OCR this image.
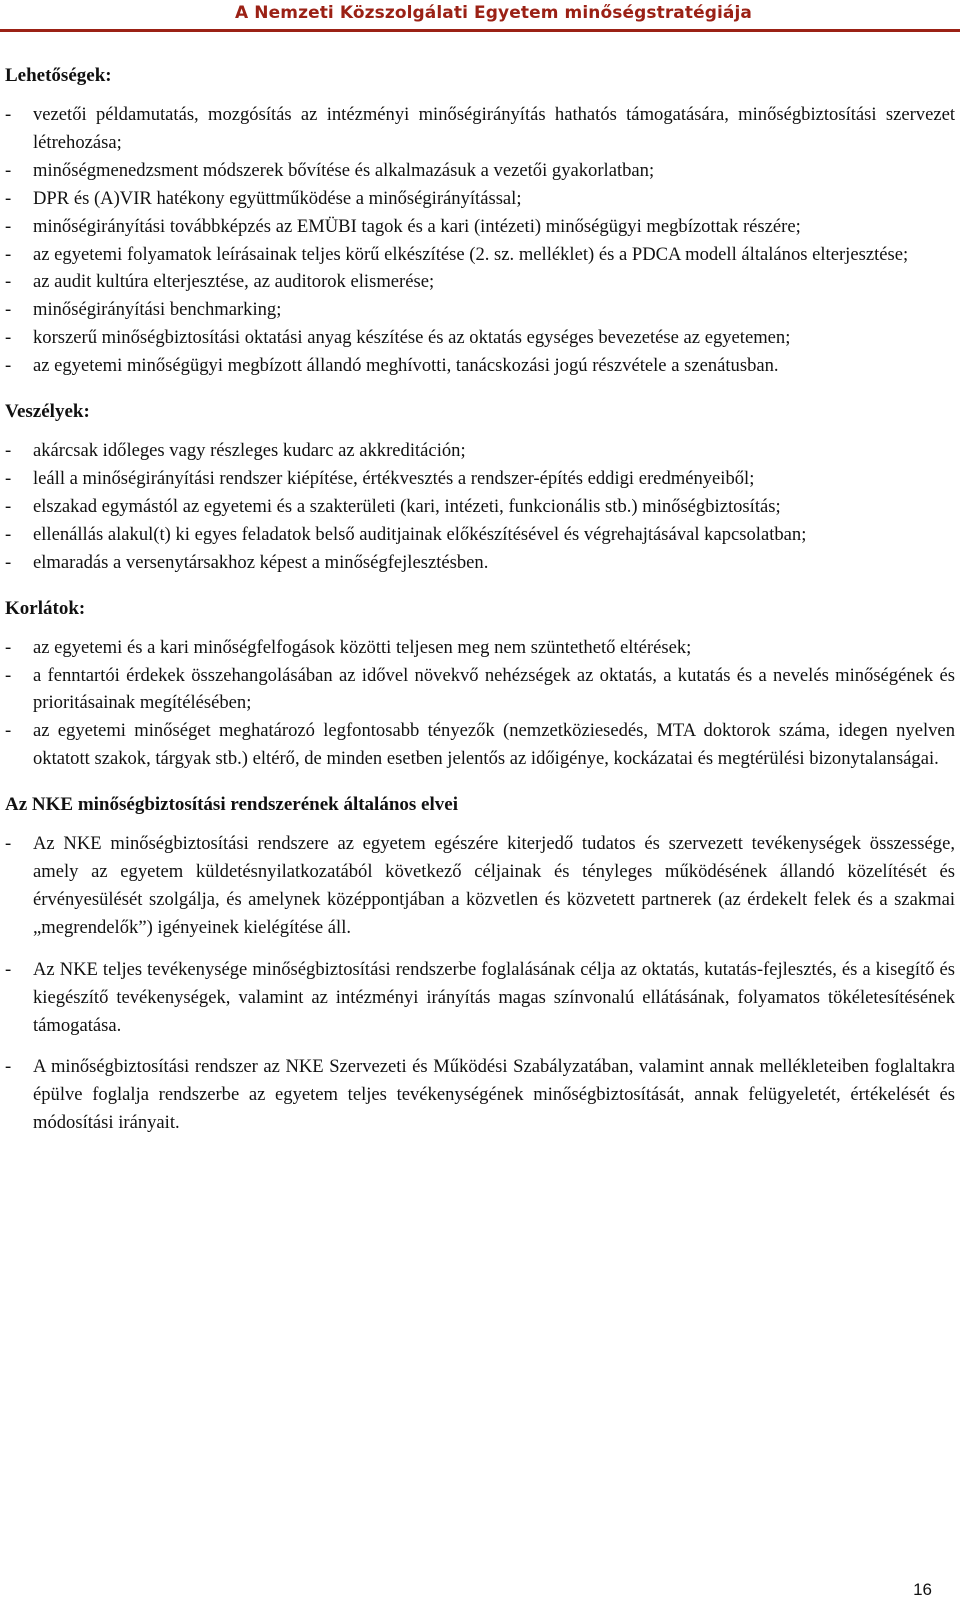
A Nemzeti Közszolgálati Egyetem minőségstratégiája
Lehetőségek:
- vezetői példamutatás, mozgósítás az intézményi minőségirányítás hathatós támogatására, minőségbiztosítási szervezet létrehozása;
- minőségmenedzsment módszerek bővítése és alkalmazásuk a vezetői gyakorlatban;
- DPR és (A)VIR hatékony együttműködése a minőségirányítással;
- minőségirányítási továbbképzés az EMÜBI tagok és a kari (intézeti) minőségügyi megbízottak részére;
- az egyetemi folyamatok leírásainak teljes körű elkészítése (2. sz. melléklet) és a PDCA modell általános elterjesztése;
- az audit kultúra elterjesztése, az auditorok elismerése;
- minőségirányítási benchmarking;
- korszerű minőségbiztosítási oktatási anyag készítése és az oktatás egységes bevezetése az egyetemen;
- az egyetemi minőségügyi megbízott állandó meghívotti, tanácskozási jogú részvétele a szenátusban.
Veszélyek:
- akárcsak időleges vagy részleges kudarc az akkreditáción;
- leáll a minőségirányítási rendszer kiépítése, értékvesztés a rendszer-építés eddigi eredményeiből;
- elszakad egymástól az egyetemi és a szakterületi (kari, intézeti, funkcionális stb.) minőségbiztosítás;
- ellenállás alakul(t) ki egyes feladatok belső auditjainak előkészítésével és végrehajtásával kapcsolatban;
- elmaradás a versenytársakhoz képest a minőségfejlesztésben.
Korlátok:
- az egyetemi és a kari minőségfelfogások közötti teljesen meg nem szüntethető eltérések;
- a fenntartói érdekek összehangolásában az idővel növekvő nehézségek az oktatás, a kutatás és a nevelés minőségének és prioritásainak megítélésében;
- az egyetemi minőséget meghatározó legfontosabb tényezők (nemzetköziesedés, MTA doktorok száma, idegen nyelven oktatott szakok, tárgyak stb.) eltérő, de minden esetben jelentős az időigénye, kockázatai és megtérülési bizonytalanságai.
Az NKE minőségbiztosítási rendszerének általános elvei
- Az NKE minőségbiztosítási rendszere az egyetem egészére kiterjedő tudatos és szervezett tevékenységek összessége, amely az egyetem küldetésnyilatkozatából következő céljainak és tényleges működésének állandó közelítését és érvényesülését szolgálja, és amelynek középpontjában a közvetlen és közvetett partnerek (az érdekelt felek és a szakmai „megrendelők”) igényeinek kielégítése áll.
- Az NKE teljes tevékenysége minőségbiztosítási rendszerbe foglalásának célja az oktatás, kutatás-fejlesztés, és a kisegítő és kiegészítő tevékenységek, valamint az intézményi irányítás magas színvonalú ellátásának, folyamatos tökéletesítésének támogatása.
- A minőségbiztosítási rendszer az NKE Szervezeti és Működési Szabályzatában, valamint annak mellékleteiben foglaltakra épülve foglalja rendszerbe az egyetem teljes tevékenységének minőségbiztosítását, annak felügyeletét, értékelését és módosítási irányait.
16
